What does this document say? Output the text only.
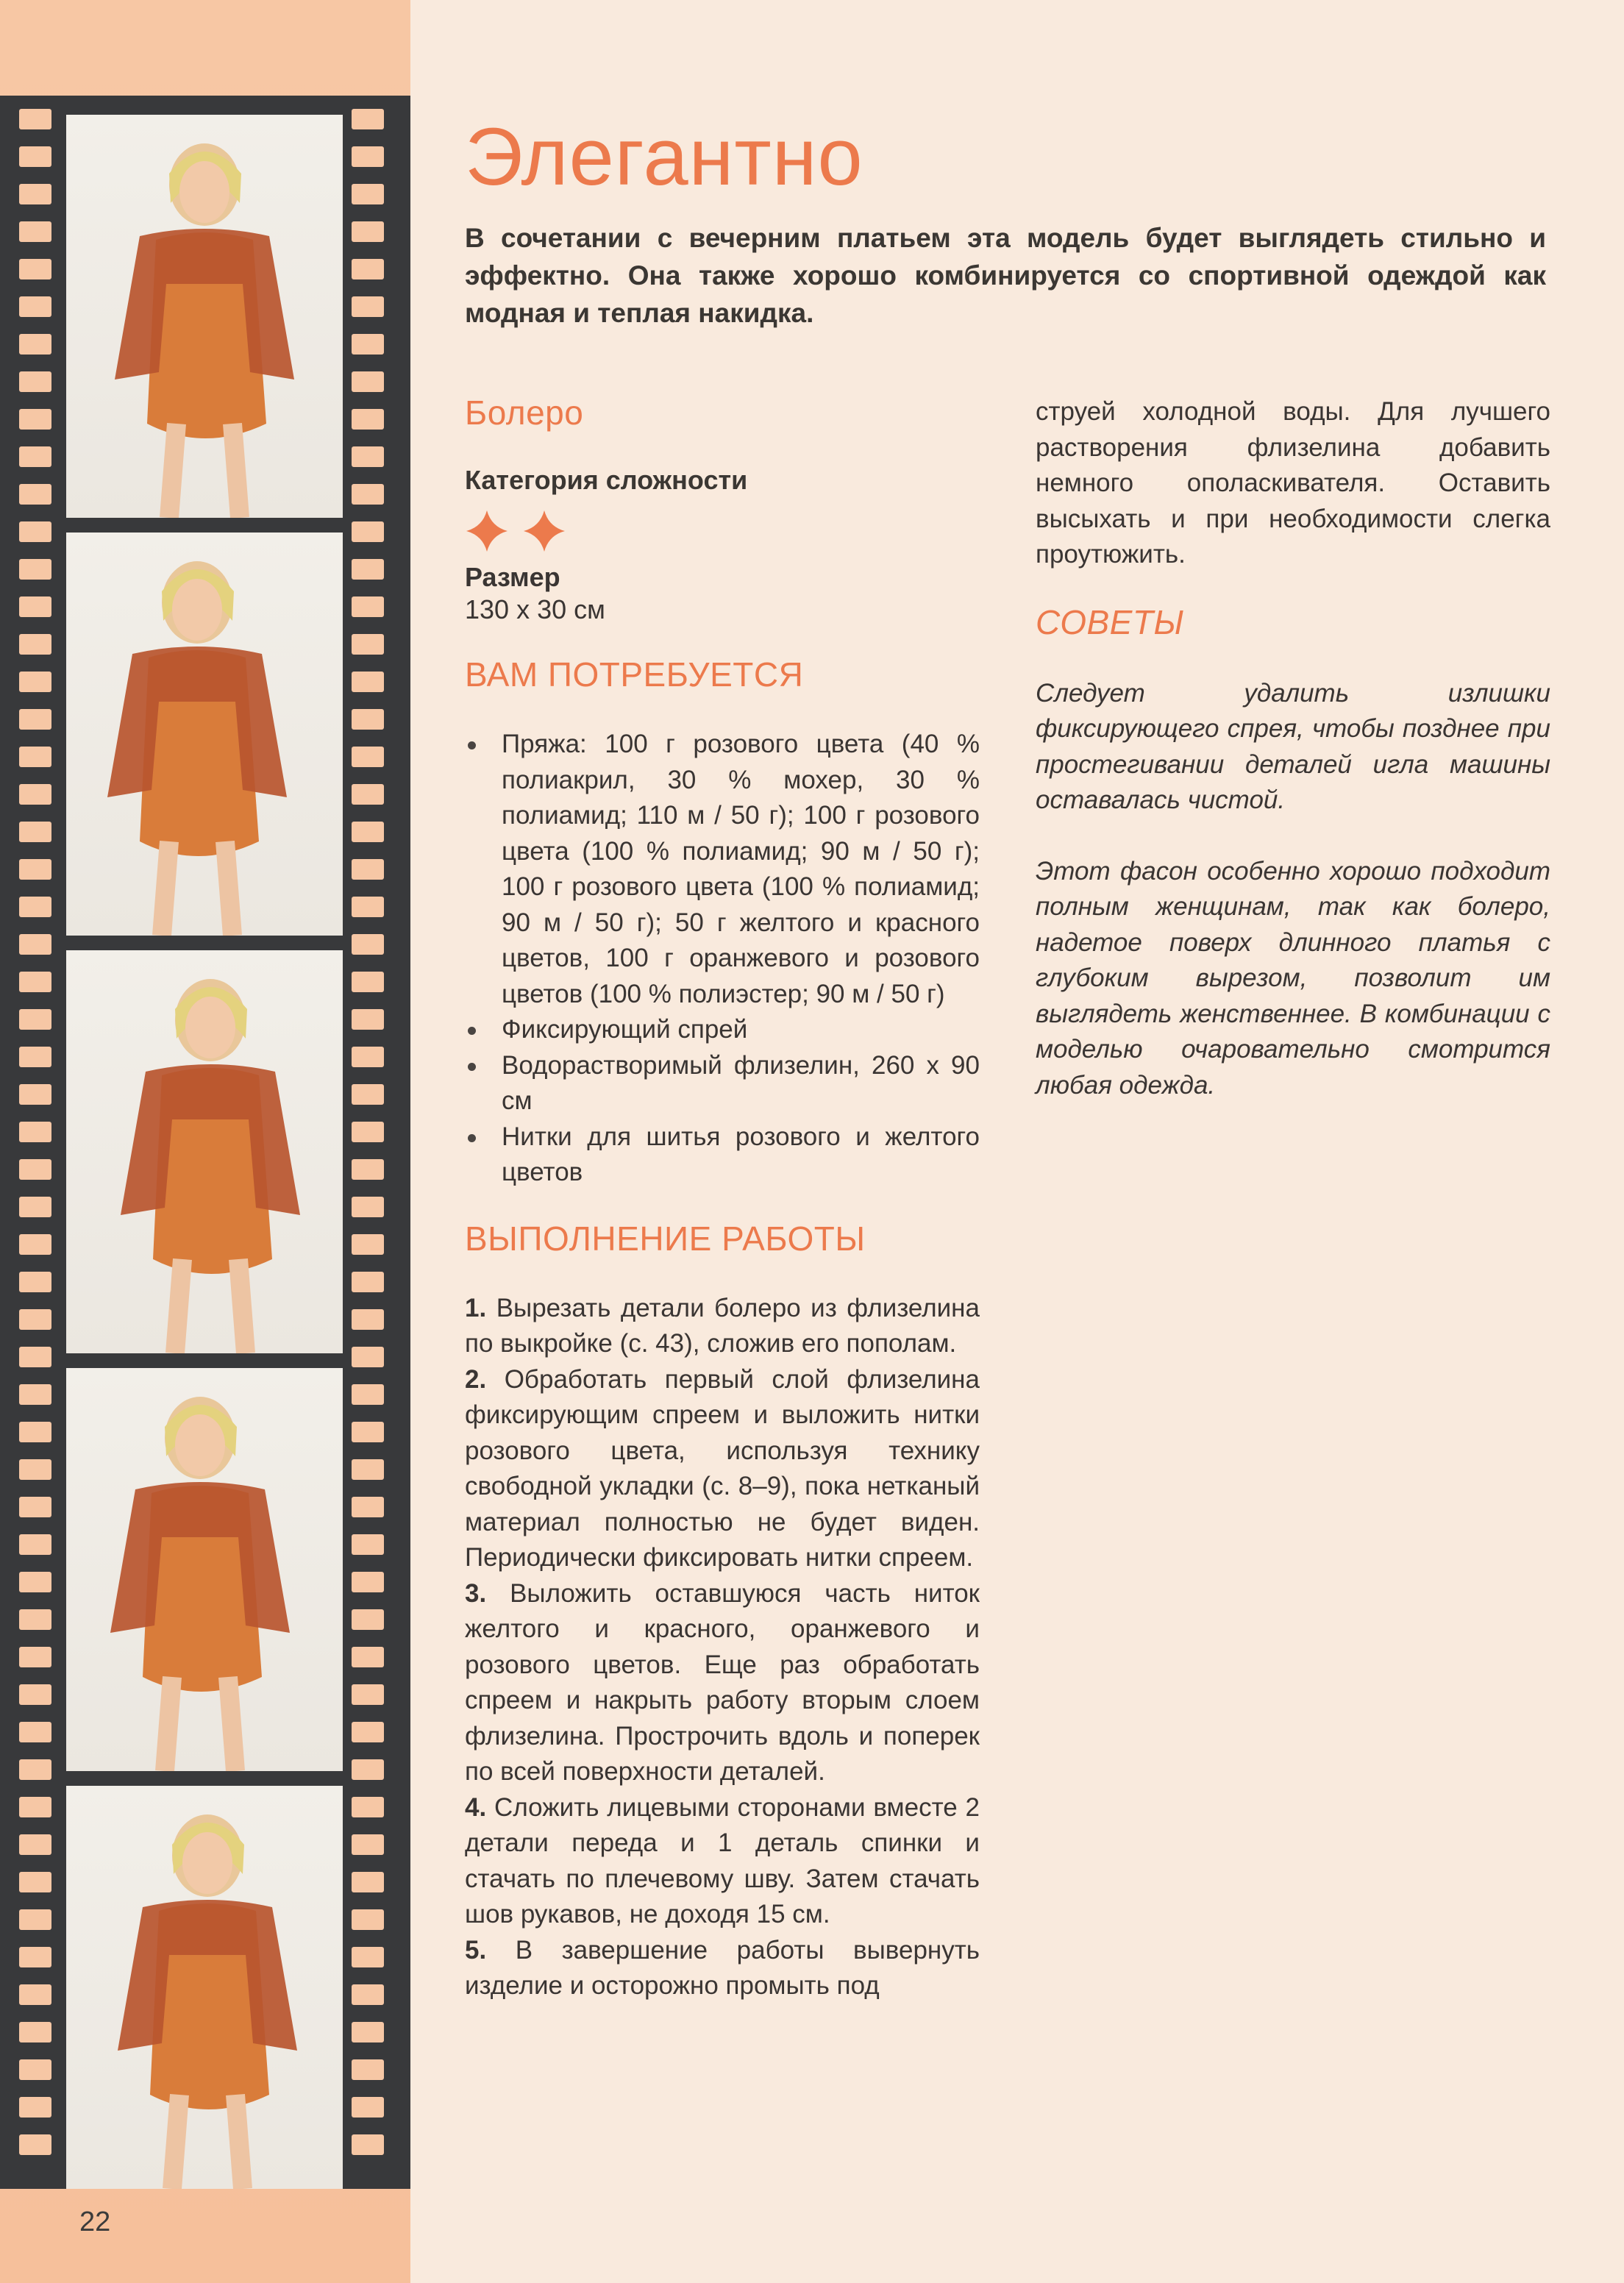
22
Элегантно

В сочетании с вечерним платьем эта модель будет выглядеть стильно и эффектно. Она также хорошо комбинируется со спортивной одеждой как модная и теплая накидка.

Болеро

Категория сложности

Размер

130 x 30 см

ВАМ ПОТРЕБУЕТСЯ
Пряжа: 100 г розового цвета (40 % полиакрил, 30 % мохер, 30 % полиамид; 110 м / 50 г); 100 г розового цвета (100 % полиамид; 90 м / 50 г); 100 г розового цвета (100 % полиамид; 90 м / 50 г); 50 г желтого и красного цветов, 100 г оранжевого и розового цветов (100 % полиэстер; 90 м / 50 г)
Фиксирующий спрей
Водорастворимый флизелин, 260 х 90 см
Нитки для шитья розового и желтого цветов
ВЫПОЛНЕНИЕ РАБОТЫ

1. Вырезать детали болеро из флизелина по выкройке (с. 43), сложив его пополам.

2. Обработать первый слой флизелина фиксирующим спреем и выложить нитки розового цвета, используя технику свободной укладки (с. 8–9), пока нетканый материал полностью не будет виден. Периодически фиксировать нитки спреем.

3. Выложить оставшуюся часть ниток желтого и красного, оранжевого и розового цветов. Еще раз обработать спреем и накрыть работу вторым слоем флизелина. Прострочить вдоль и поперек по всей поверхности деталей.

4. Сложить лицевыми сторонами вместе 2 детали переда и 1 деталь спинки и стачать по плечевому шву. Затем стачать шов рукавов, не доходя 15 см.

5. В завершение работы вывернуть изделие и осторожно промыть под

струей холодной воды. Для лучшего растворения флизелина добавить немного ополаскивателя. Оставить высыхать и при необходимости слегка проутюжить.

СОВЕТЫ

Следует удалить излишки фиксирующего спрея, чтобы позднее при простегивании деталей игла машины оставалась чистой.

Этот фасон особенно хорошо подходит полным женщинам, так как болеро, надетое поверх длинного платья с глубоким вырезом, позволит им выглядеть женственнее. В комбинации с моделью очаровательно смотрится любая одежда.
